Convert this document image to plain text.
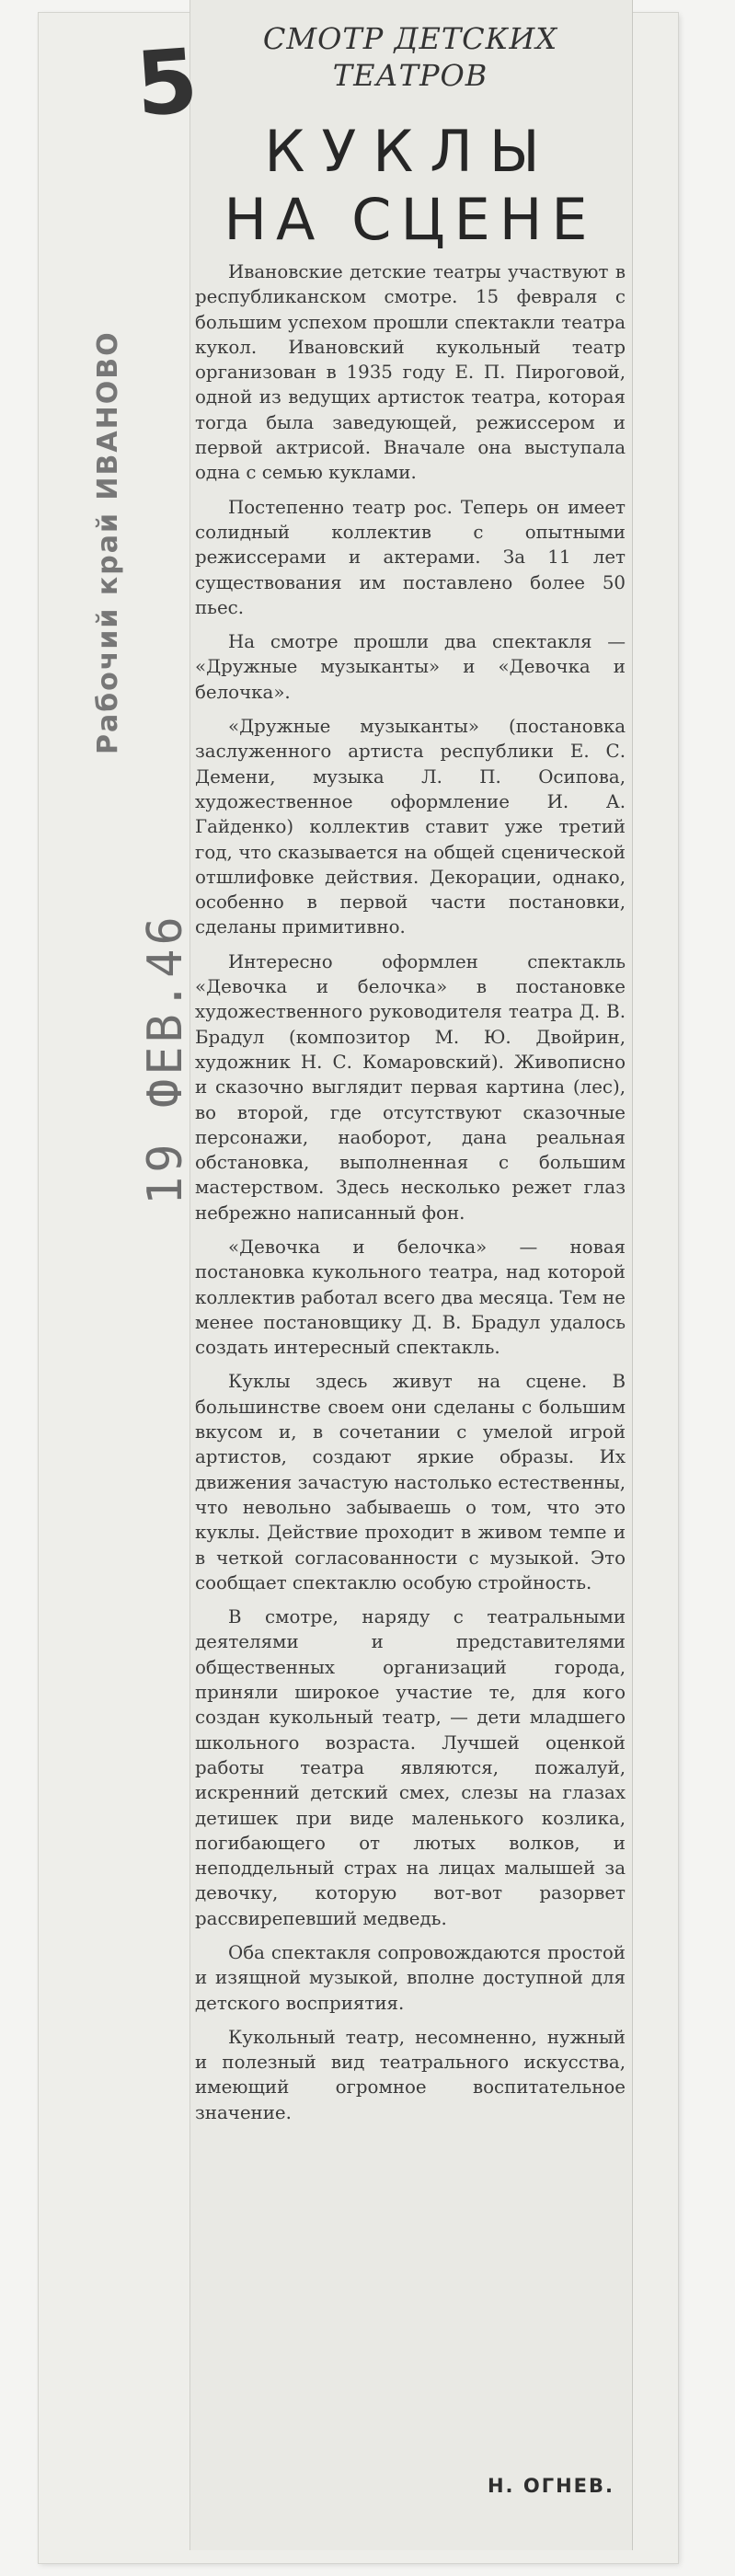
5
Рабочий край ИВАНОВО
19 ФЕВ.46
СМОТР ДЕТСКИХ
ТЕАТРОВ
КУКЛЫ
НА СЦЕНЕ

Ивановские детские театры участвуют в республиканском смотре. 15 февраля с большим успехом прошли спектакли театра кукол. Ивановский кукольный театр организован в 1935 году Е. П. Пироговой, одной из ведущих артисток театра, которая тогда была заведующей, режиссером и первой актрисой. Вначале она выступала одна с семью куклами.

Постепенно театр рос. Теперь он имеет солидный коллектив с опытными режиссерами и актерами. За 11 лет существования им поставлено более 50 пьес.

На смотре прошли два спектакля — «Дружные музыканты» и «Девочка и белочка».

«Дружные музыканты» (постановка заслуженного артиста республики Е. С. Демени, музыка Л. П. Осипова, художественное оформление И. А. Гайденко) коллектив ставит уже третий год, что сказывается на общей сценической отшлифовке действия. Декорации, однако, особенно в первой части постановки, сделаны примитивно.

Интересно оформлен спектакль «Девочка и белочка» в постановке художественного руководителя театра Д. В. Брадул (композитор М. Ю. Двойрин, художник Н. С. Комаровский). Живописно и сказочно выглядит первая картина (лес), во второй, где отсутствуют сказочные персонажи, наоборот, дана реальная обстановка, выполненная с большим мастерством. Здесь несколько режет глаз небрежно написанный фон.

«Девочка и белочка» — новая постановка кукольного театра, над которой коллектив работал всего два месяца. Тем не менее постановщику Д. В. Брадул удалось создать интересный спектакль.

Куклы здесь живут на сцене. В большинстве своем они сделаны с большим вкусом и, в сочетании с умелой игрой артистов, создают яркие образы. Их движения зачастую настолько естественны, что невольно забываешь о том, что это куклы. Действие проходит в живом темпе и в четкой согласованности с музыкой. Это сообщает спектаклю особую стройность.

В смотре, наряду с театральными деятелями и представителями общественных организаций города, приняли широкое участие те, для кого создан кукольный театр, — дети младшего школьного возраста. Лучшей оценкой работы театра являются, пожалуй, искренний детский смех, слезы на глазах детишек при виде маленького козлика, погибающего от лютых волков, и неподдельный страх на лицах малышей за девочку, которую вот-вот разорвет рассвирепевший медведь.

Оба спектакля сопровождаются простой и изящной музыкой, вполне доступной для детского восприятия.

Кукольный театр, несомненно, нужный и полезный вид театрального искусства, имеющий огромное воспитательное значение.

Н. ОГНЕВ.
